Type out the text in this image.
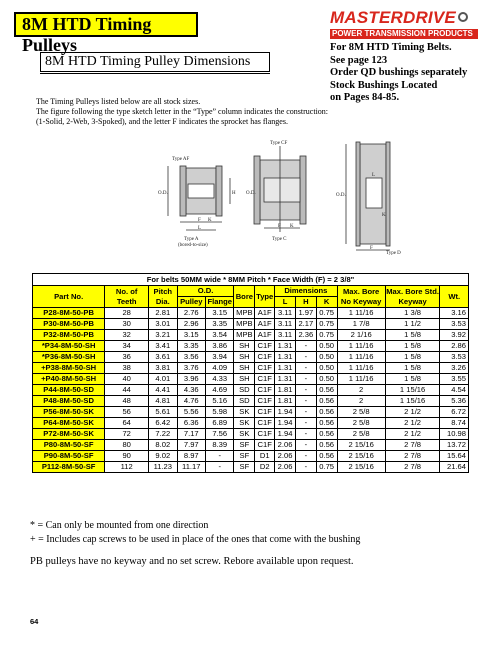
8M HTD Timing Pulleys
MASTERDRIVE
POWER TRANSMISSION PRODUCTS
8M HTD Timing Pulley Dimensions
For 8M HTD Timing Belts.
See page 123
Order QD bushings separately
Stock Bushings Located
on Pages 84-85.
The Timing Pulleys listed below are all stock sizes.
The figure following the type sketch letter in the “Type” column indicates the construction:
(1-Solid, 2-Web, 3-Spoked), and the letter F indicates the sprocket has flanges.
Type AF
Type A
(bored-to-size)
O.D.	H
F K
L
Type CF
Type C
O.D.
F K
Type D
O.D.
L
F
K
For belts 50MM wide * 8MM Pitch * Face Width (F) = 2 3/8"												
Part No.	No. of Teeth	Pitch Dia.	O.D.		Bore	Type	Dimensions			Max. Bore No Keyway	Max. Bore Std. Keyway	Wt.
			Pulley	Flange			L	H	K			
P28-8M-50-PB	28	2.81	2.76	3.15	MPB	A1F	3.11	1.97	0.75	1 11/16	1 3/8	3.16
P30-8M-50-PB	30	3.01	2.96	3.35	MPB	A1F	3.11	2.17	0.75	1 7/8	1 1/2	3.53
P32-8M-50-PB	32	3.21	3.15	3.54	MPB	A1F	3.11	2.36	0.75	2 1/16	1 5/8	3.92
*P34-8M-50-SH	34	3.41	3.35	3.86	SH	C1F	1.31	-	0.50	1 11/16	1 5/8	2.86
*P36-8M-50-SH	36	3.61	3.56	3.94	SH	C1F	1.31	-	0.50	1 11/16	1 5/8	3.53
+P38-8M-50-SH	38	3.81	3.76	4.09	SH	C1F	1.31	-	0.50	1 11/16	1 5/8	3.26
+P40-8M-50-SH	40	4.01	3.96	4.33	SH	C1F	1.31	-	0.50	1 11/16	1 5/8	3.55
P44-8M-50-SD	44	4.41	4.36	4.69	SD	C1F	1.81	-	0.56	2	1 15/16	4.54
P48-8M-50-SD	48	4.81	4.76	5.16	SD	C1F	1.81	-	0.56	2	1 15/16	5.36
P56-8M-50-SK	56	5.61	5.56	5.98	SK	C1F	1.94	-	0.56	2 5/8	2 1/2	6.72
P64-8M-50-SK	64	6.42	6.36	6.89	SK	C1F	1.94	-	0.56	2 5/8	2 1/2	8.74
P72-8M-50-SK	72	7.22	7.17	7.56	SK	C1F	1.94	-	0.56	2 5/8	2 1/2	10.98
P80-8M-50-SF	80	8.02	7.97	8.39	SF	C1F	2.06	-	0.56	2 15/16	2 7/8	13.72
P90-8M-50-SF	90	9.02	8.97	-	SF	D1	2.06	-	0.56	2 15/16	2 7/8	15.64
P112-8M-50-SF	112	11.23	11.17	-	SF	D2	2.06	-	0.75	2 15/16	2 7/8	21.64
* = Can only be mounted from one direction
+ = Includes cap screws to be used in place of the ones that come with the bushing
PB pulleys have no keyway and no set screw. Rebore available upon request.
64
